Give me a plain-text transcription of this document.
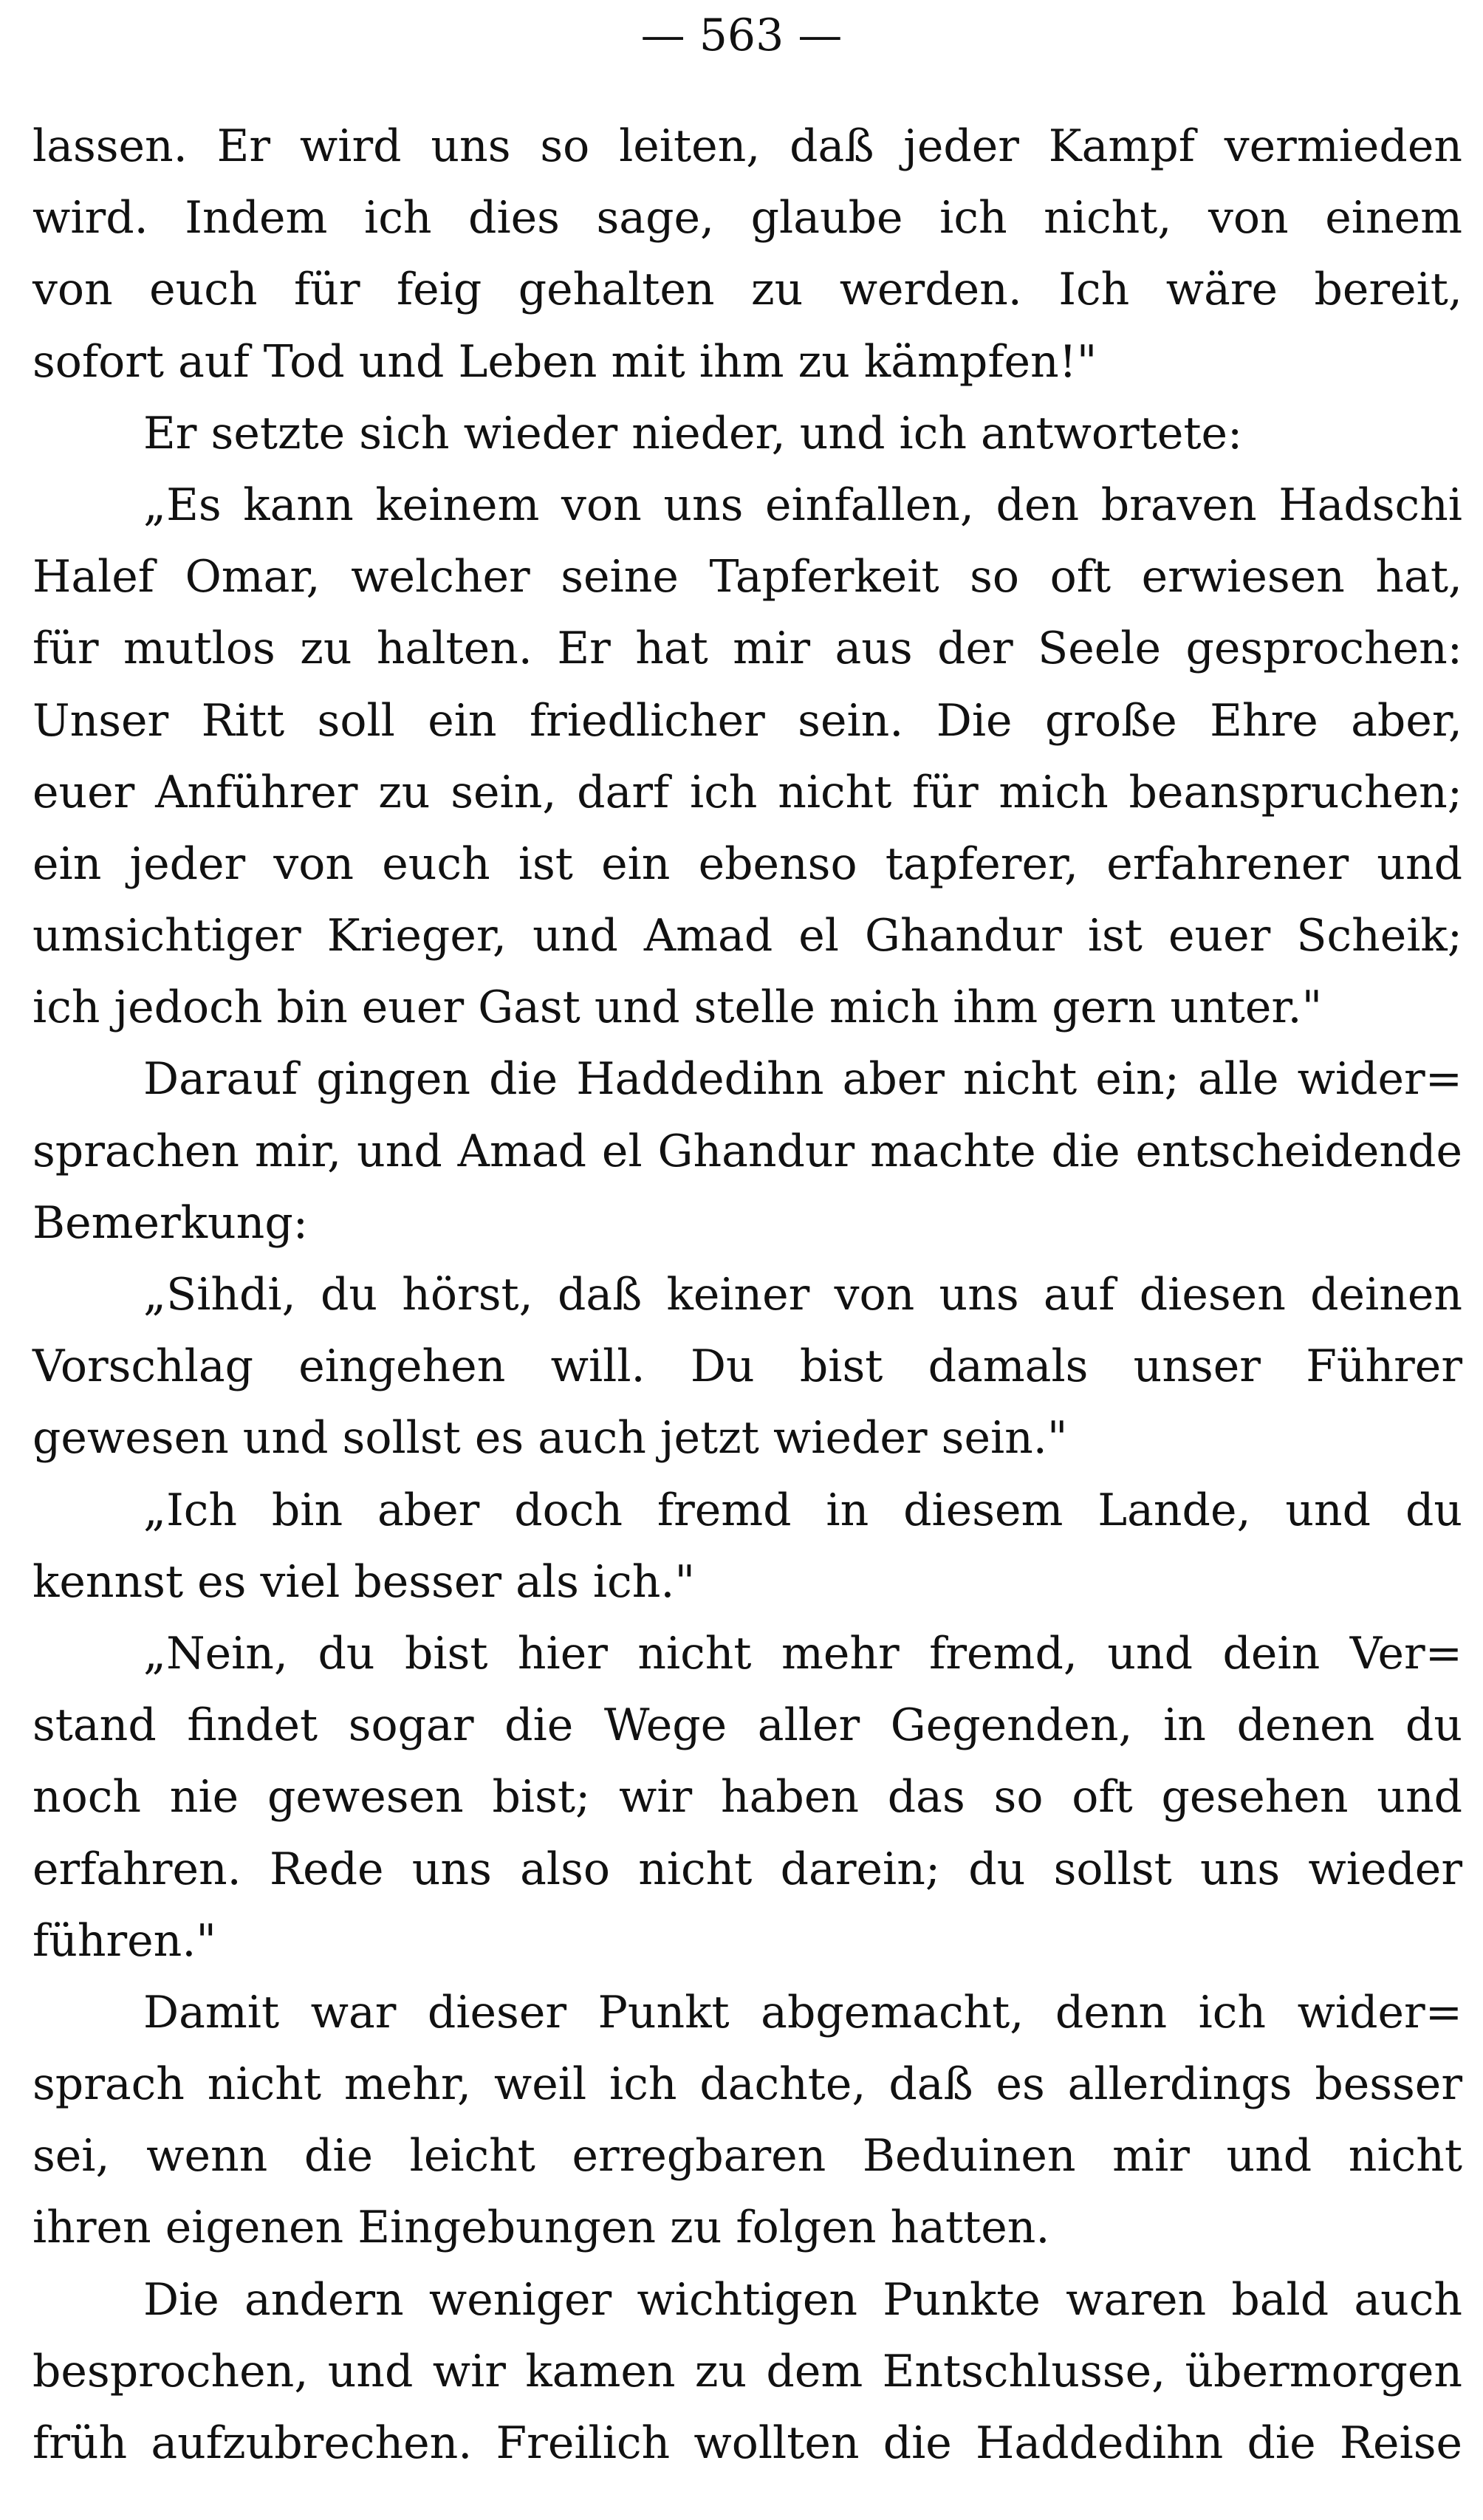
— 563 —
lassen. Er wird uns so leiten, daß jeder Kampf vermieden
wird. Indem ich dies sage, glaube ich nicht, von einem
von euch für feig gehalten zu werden. Ich wäre bereit,
sofort auf Tod und Leben mit ihm zu kämpfen!"
Er setzte sich wieder nieder, und ich antwortete:
„Es kann keinem von uns einfallen, den braven Hadschi
Halef Omar, welcher seine Tapferkeit so oft erwiesen hat,
für mutlos zu halten. Er hat mir aus der Seele gesprochen:
Unser Ritt soll ein friedlicher sein. Die große Ehre aber,
euer Anführer zu sein, darf ich nicht für mich beanspruchen;
ein jeder von euch ist ein ebenso tapferer, erfahrener und
umsichtiger Krieger, und Amad el Ghandur ist euer Scheik;
ich jedoch bin euer Gast und stelle mich ihm gern unter."
Darauf gingen die Haddedihn aber nicht ein; alle wider=
sprachen mir, und Amad el Ghandur machte die entscheidende
Bemerkung:
„Sihdi, du hörst, daß keiner von uns auf diesen deinen
Vorschlag eingehen will. Du bist damals unser Führer
gewesen und sollst es auch jetzt wieder sein."
„Ich bin aber doch fremd in diesem Lande, und du
kennst es viel besser als ich."
„Nein, du bist hier nicht mehr fremd, und dein Ver=
stand findet sogar die Wege aller Gegenden, in denen du
noch nie gewesen bist; wir haben das so oft gesehen und
erfahren. Rede uns also nicht darein; du sollst uns wieder
führen."
Damit war dieser Punkt abgemacht, denn ich wider=
sprach nicht mehr, weil ich dachte, daß es allerdings besser
sei, wenn die leicht erregbaren Beduinen mir und nicht
ihren eigenen Eingebungen zu folgen hatten.
Die andern weniger wichtigen Punkte waren bald auch
besprochen, und wir kamen zu dem Entschlusse, übermorgen
früh aufzubrechen. Freilich wollten die Haddedihn die Reise
